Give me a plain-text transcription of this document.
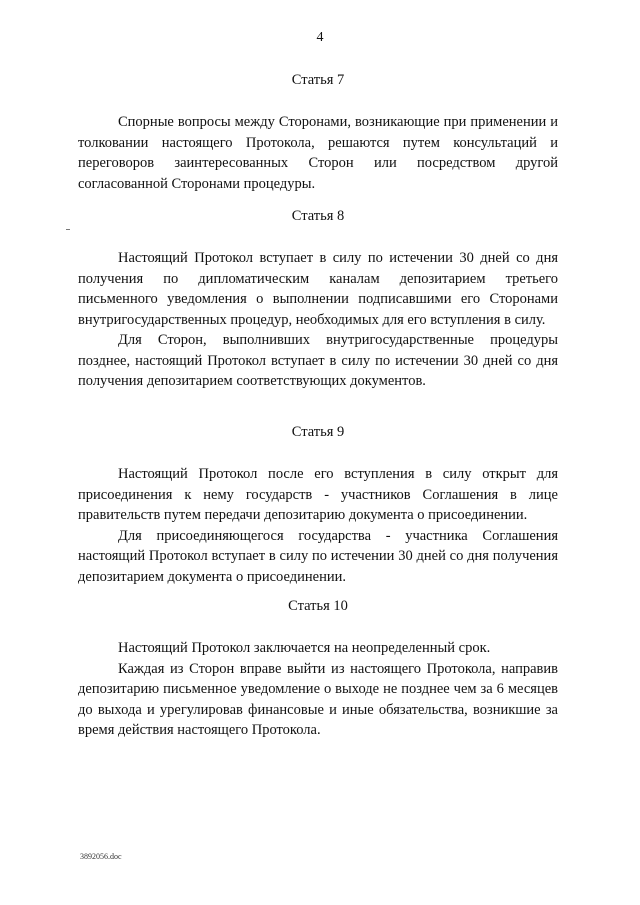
4
Статья 7

Спорные вопросы между Сторонами, возникающие при применении и толковании настоящего Протокола, решаются путем консультаций и переговоров заинтересованных Сторон или посредством другой согласованной Сторонами процедуры.

Статья 8

Настоящий Протокол вступает в силу по истечении 30 дней со дня получения по дипломатическим каналам депозитарием третьего письменного уведомления о выполнении подписавшими его Сторонами внутригосударственных процедур, необходимых для его вступления в силу.

Для Сторон, выполнивших внутригосударственные процедуры позднее, настоящий Протокол вступает в силу по истечении 30 дней со дня получения депозитарием соответствующих документов.

Статья 9

Настоящий Протокол после его вступления в силу открыт для присоединения к нему государств - участников Соглашения в лице правительств путем передачи депозитарию документа о присоединении.

Для присоединяющегося государства - участника Соглашения настоящий Протокол вступает в силу по истечении 30 дней со дня получения депозитарием документа о присоединении.

Статья 10

Настоящий Протокол заключается на неопределенный срок.

Каждая из Сторон вправе выйти из настоящего Протокола, направив депозитарию письменное уведомление о выходе не позднее чем за 6 месяцев до выхода и урегулировав финансовые и иные обязательства, возникшие за время действия настоящего Протокола.

3892056.doc
